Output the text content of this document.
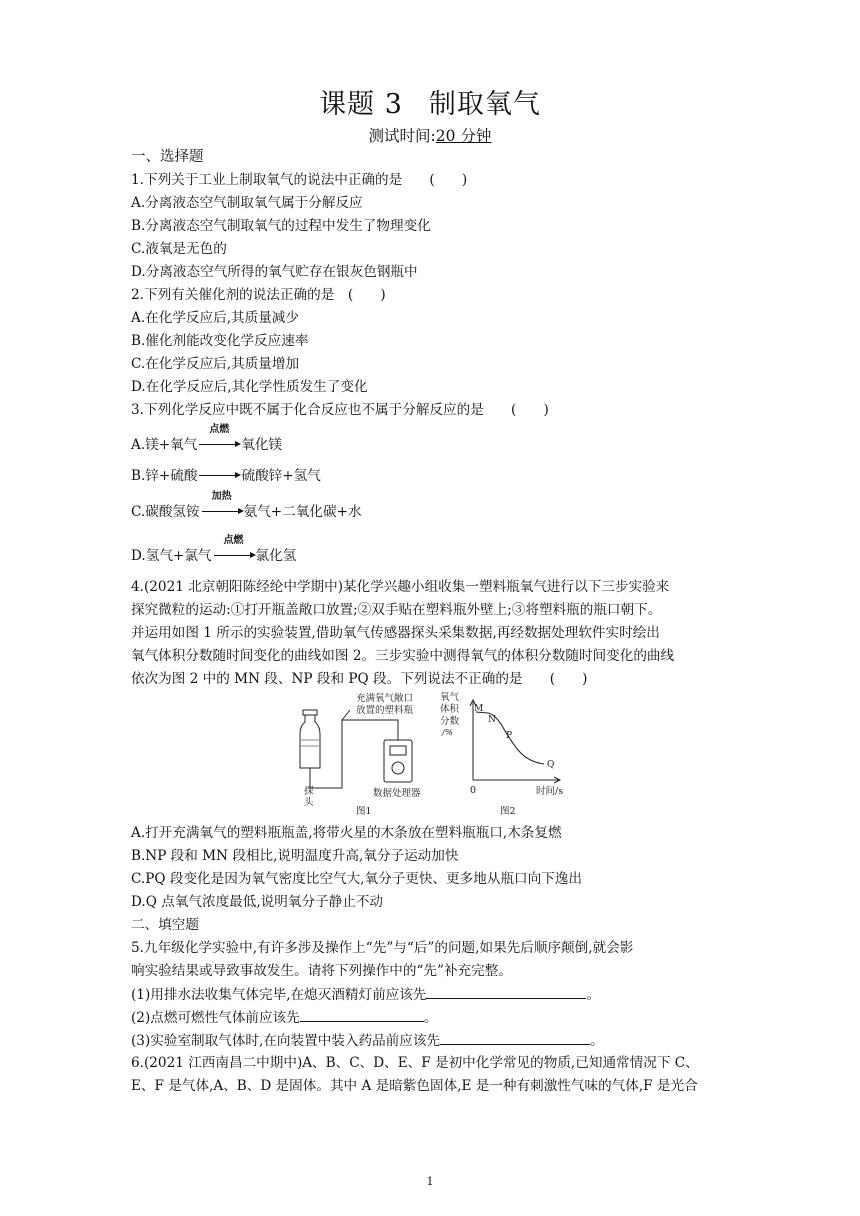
课题 3 制取氧气
测试时间:20 分钟
一、选择题
1.下列关于工业上制取氧气的说法中正确的是　　(　　)
A.分离液态空气制取氧气属于分解反应
B.分离液态空气制取氧气的过程中发生了物理变化
C.液氧是无色的
D.分离液态空气所得的氧气贮存在银灰色钢瓶中
2.下列有关催化剂的说法正确的是　(　　)
A.在化学反应后,其质量减少
B.催化剂能改变化学反应速率
C.在化学反应后,其质量增加
D.在化学反应后,其化学性质发生了变化
3.下列化学反应中既不属于化合反应也不属于分解反应的是　　(　　)
A.镁+氧气
点燃
氧化镁
B.锌+硫酸→硫酸锌+氢气
C.碳酸氢铵
加热
氨气+二氧化碳+水
D.氢气+氯气
点燃
氯化氢
4.(2021 北京朝阳陈经纶中学期中)某化学兴趣小组收集一塑料瓶氧气进行以下三步实验来
探究微粒的运动:①打开瓶盖敞口放置;②双手贴在塑料瓶外壁上;③将塑料瓶的瓶口朝下。
并运用如图 1 所示的实验装置,借助氧气传感器探头采集数据,再经数据处理软件实时绘出
氧气体积分数随时间变化的曲线如图 2。三步实验中测得氧气的体积分数随时间变化的曲线
依次为图 2 中的 MN 段、NP 段和 PQ 段。下列说法不正确的是　　(　　)
充满氧气敞口
放置的塑料瓶
探
头
数据处理器
图1
氧气
体积
分数
/%
M
N
P
Q
0	时间/s
图2
A.打开充满氧气的塑料瓶瓶盖,将带火星的木条放在塑料瓶瓶口,木条复燃
B.NP 段和 MN 段相比,说明温度升高,氧分子运动加快
C.PQ 段变化是因为氧气密度比空气大,氧分子更快、更多地从瓶口向下逸出
D.Q 点氧气浓度最低,说明氧分子静止不动
二、填空题
5.九年级化学实验中,有许多涉及操作上“先”与“后”的问题,如果先后顺序颠倒,就会影
响实验结果或导致事故发生。请将下列操作中的“先”补充完整。
(1)用排水法收集气体完毕,在熄灭酒精灯前应该先	。
(2)点燃可燃性气体前应该先	。
(3)实验室制取气体时,在向装置中装入药品前应该先	。
6.(2021 江西南昌二中期中)A、B、C、D、E、F 是初中化学常见的物质,已知通常情况下 C、
E、F 是气体,A、B、D 是固体。其中 A 是暗紫色固体,E 是一种有刺激性气味的气体,F 是光合
1
